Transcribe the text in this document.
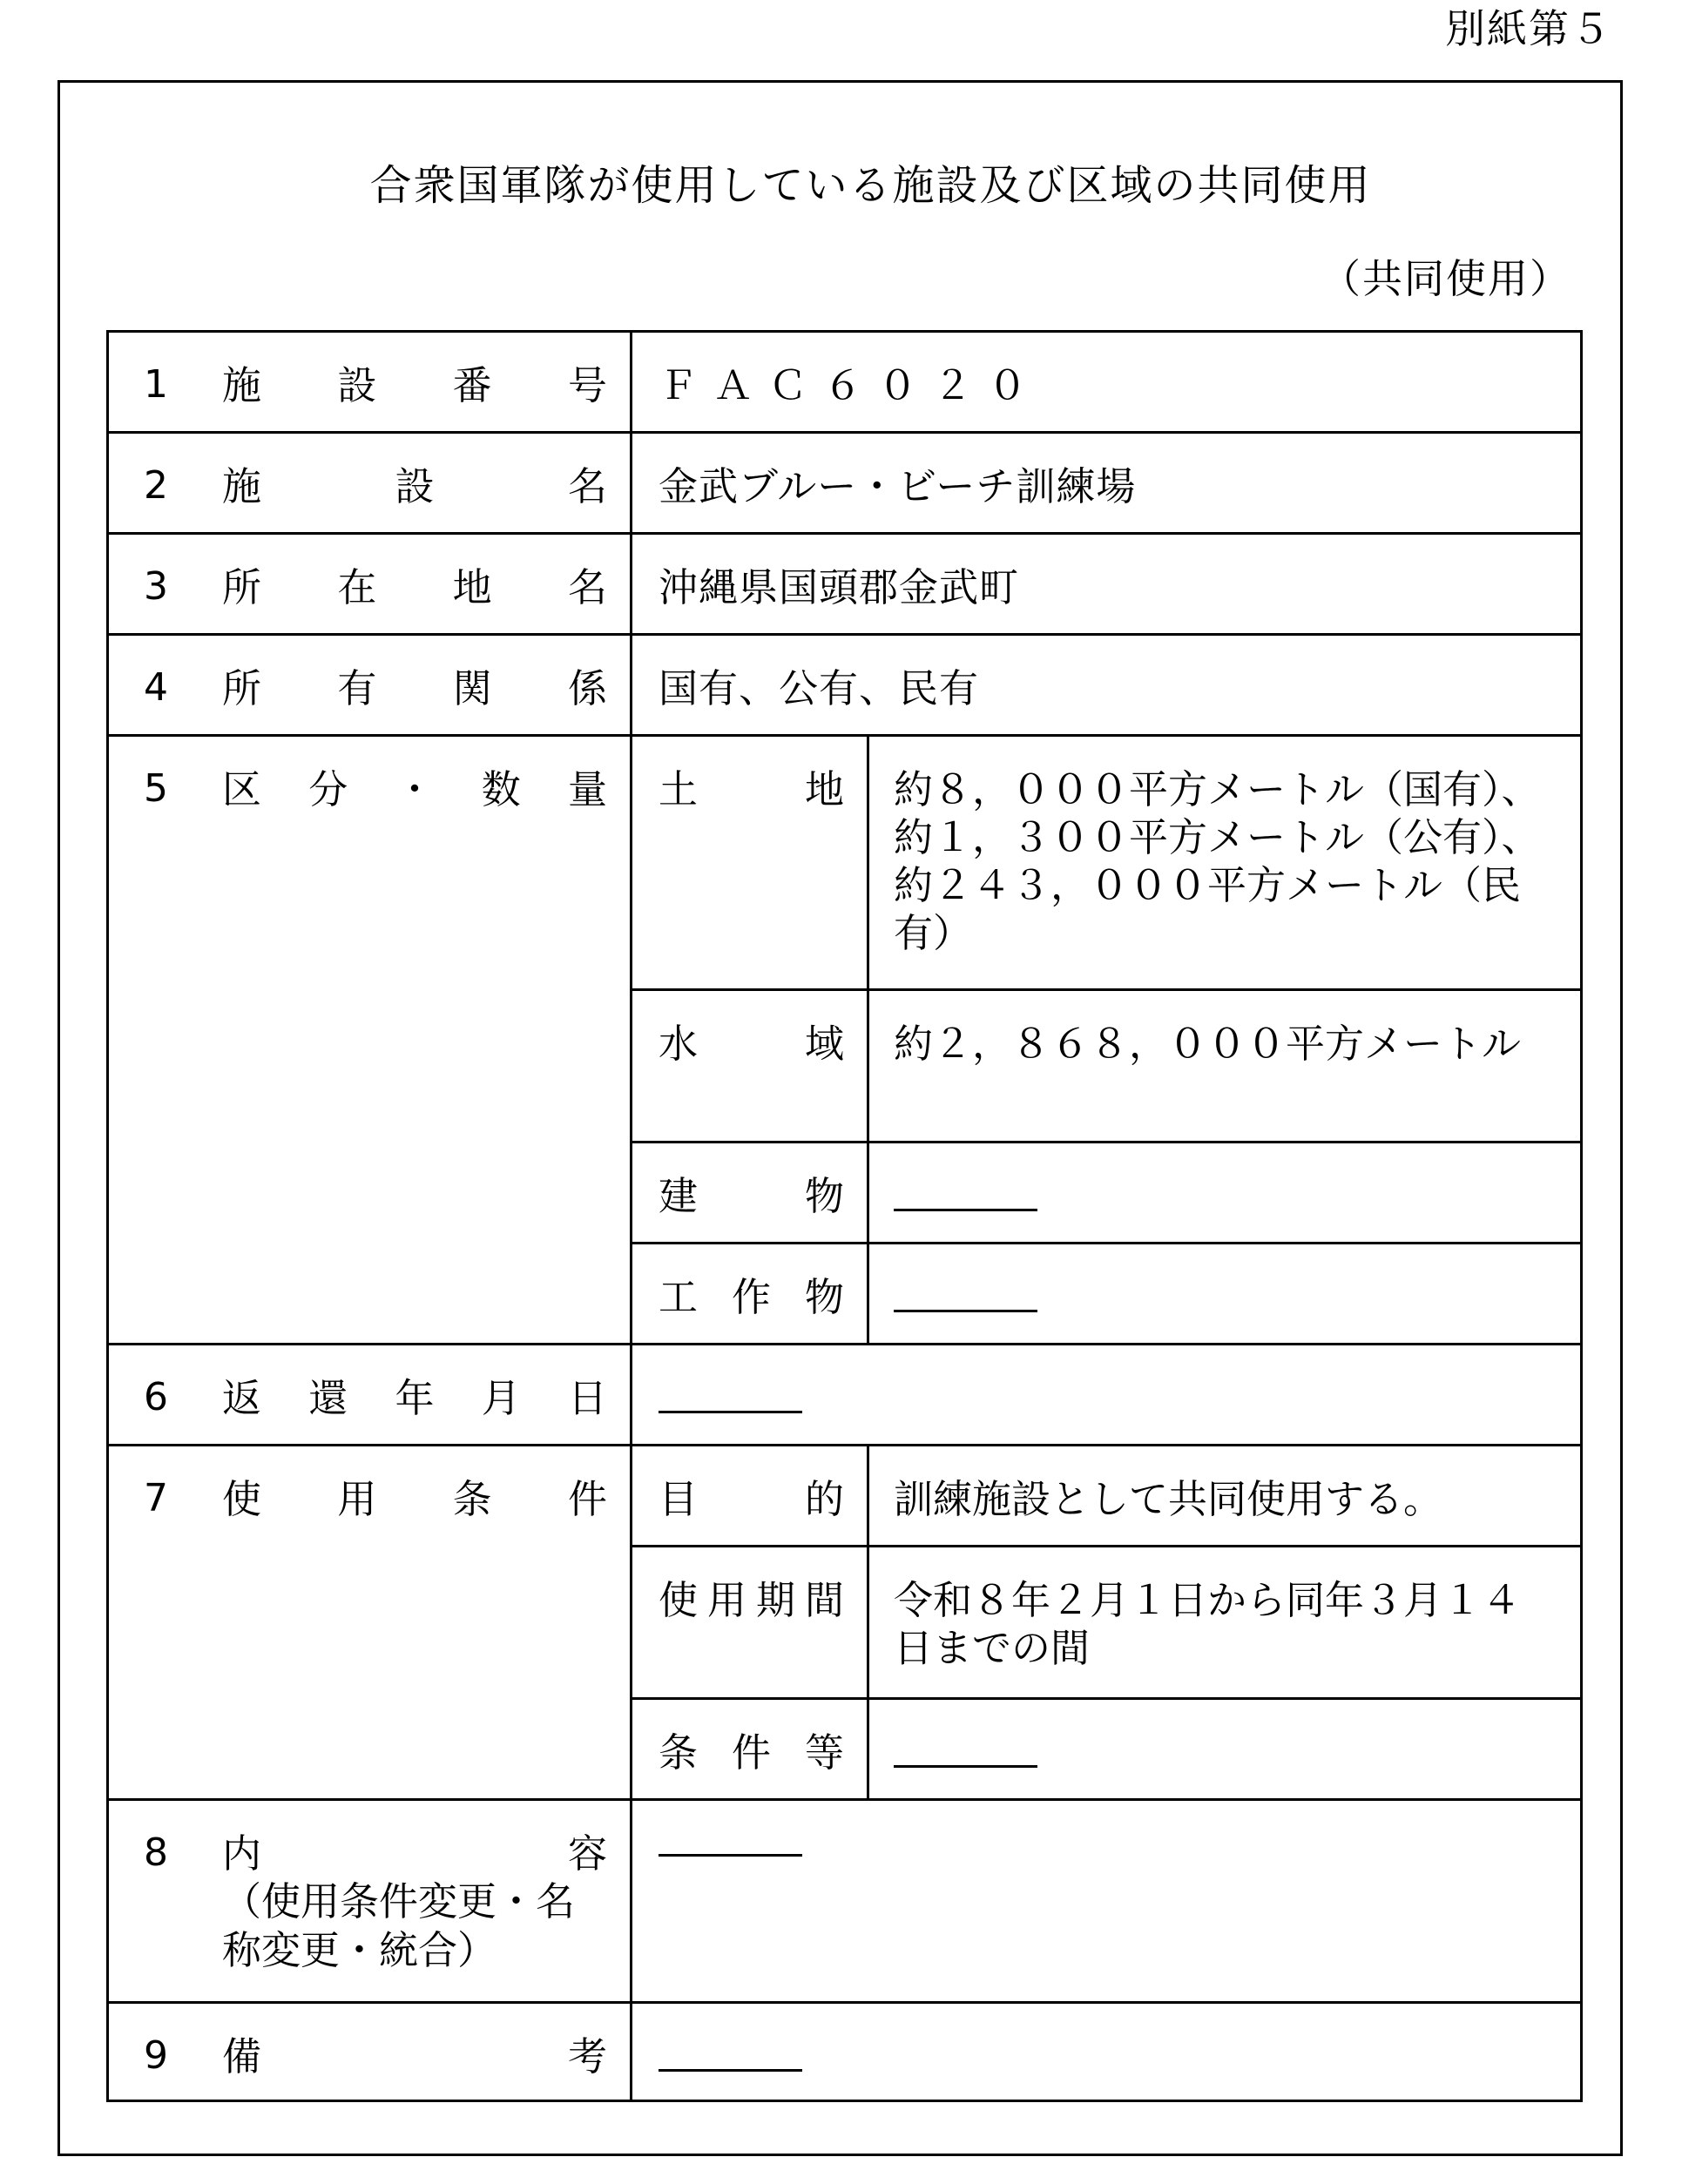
別紙第５
合衆国軍隊が使用している施設及び区域の共同使用
（共同使用）
1 施設番号	ＦＡＣ６０２０	

2 施設名	金武ブルー・ビーチ訓練場	

3 所在地名	沖縄県国頭郡金武町	

4 所有関係	国有、公有、民有	

5 区分・数量	土地	約８，０００平方メートル（国有）、約１，３００平方メートル（公有）、約２４３，０００平方メートル（民有）

	水域	約２，８６８，０００平方メートル

	建物	

	工作物	

6 返還年月日		

7 使用条件	目的	訓練施設として共同使用する。

	使用期間	令和８年２月１日から同年３月１４日までの間

	条件等	

8 内容
（使用条件変更・名称変更・統合）		

9 備考		
